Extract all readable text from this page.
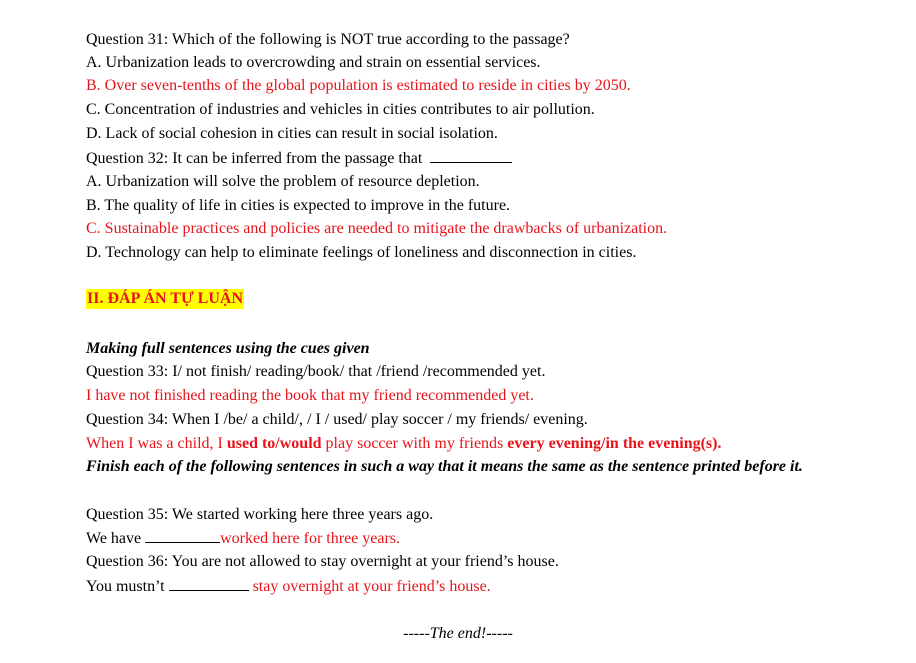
Question 31: Which of the following is NOT true according to the passage?
A. Urbanization leads to overcrowding and strain on essential services.
B. Over seven-tenths of the global population is estimated to reside in cities by 2050.
C. Concentration of industries and vehicles in cities contributes to air pollution.
D. Lack of social cohesion in cities can result in social isolation.
Question 32: It can be inferred from the passage that
A. Urbanization will solve the problem of resource depletion.
B. The quality of life in cities is expected to improve in the future.
C. Sustainable practices and policies are needed to mitigate the drawbacks of urbanization.
D. Technology can help to eliminate feelings of loneliness and disconnection in cities.
II. ĐÁP ÁN TỰ LUẬN
Making full sentences using the cues given
Question 33: I/ not finish/ reading/book/ that /friend /recommended yet.
I have not finished reading the book that my friend recommended yet.
Question 34: When I /be/ a child/, / I / used/ play soccer / my friends/ evening.
When I was a child, I used to/would play soccer with my friends every evening/in the evening(s).
Finish each of the following sentences in such a way that it means the same as the sentence printed before it.
Question 35: We started working here three years ago.
We have	worked here for three years.
Question 36: You are not allowed to stay overnight at your friend’s house.
You mustn’t	stay overnight at your friend’s house.
-----The end!-----
